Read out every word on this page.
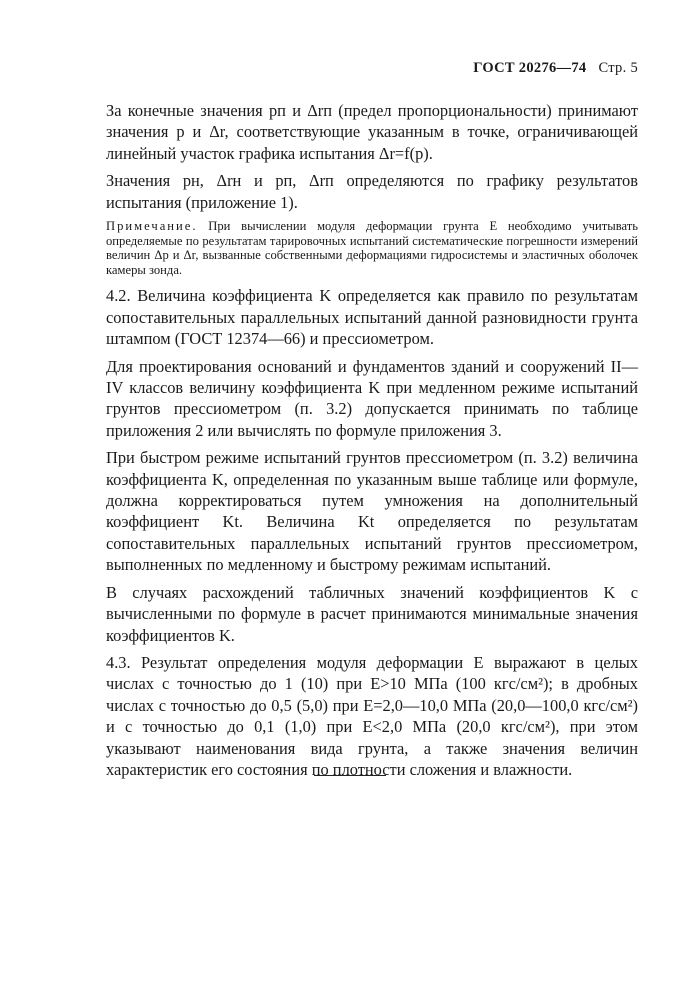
ГОСТ 20276—74 Стр. 5

За конечные значения pп и Δrп (предел пропорциональности) принимают значения p и Δr, соответствующие указанным в точке, ограничивающей линейный участок графика испытания Δr=f(p).

Значения pн, Δrн и pп, Δrп определяются по графику результатов испытания (приложение 1).

Примечание. При вычислении модуля деформации грунта E необходимо учитывать определяемые по результатам тарировочных испытаний систематические погрешности измерений величин Δp и Δr, вызванные собственными деформациями гидросистемы и эластичных оболочек камеры зонда.

4.2. Величина коэффициента K определяется как правило по результатам сопоставительных параллельных испытаний данной разновидности грунта штампом (ГОСТ 12374—66) и прессиометром.

Для проектирования оснований и фундаментов зданий и сооружений II—IV классов величину коэффициента K при медленном режиме испытаний грунтов прессиометром (п. 3.2) допускается принимать по таблице приложения 2 или вычислять по формуле приложения 3.

При быстром режиме испытаний грунтов прессиометром (п. 3.2) величина коэффициента K, определенная по указанным выше таблице или формуле, должна корректироваться путем умножения на дополнительный коэффициент Kt. Величина Kt определяется по результатам сопоставительных параллельных испытаний грунтов прессиометром, выполненных по медленному и быстрому режимам испытаний.

В случаях расхождений табличных значений коэффициентов K с вычисленными по формуле в расчет принимаются минимальные значения коэффициентов K.

4.3. Результат определения модуля деформации E выражают в целых числах с точностью до 1 (10) при E>10 МПа (100 кгс/см²); в дробных числах с точностью до 0,5 (5,0) при E=2,0—10,0 МПа (20,0—100,0 кгс/см²) и с точностью до 0,1 (1,0) при E<2,0 МПа (20,0 кгс/см²), при этом указывают наименования вида грунта, а также значения величин характеристик его состояния по плотности сложения и влажности.
